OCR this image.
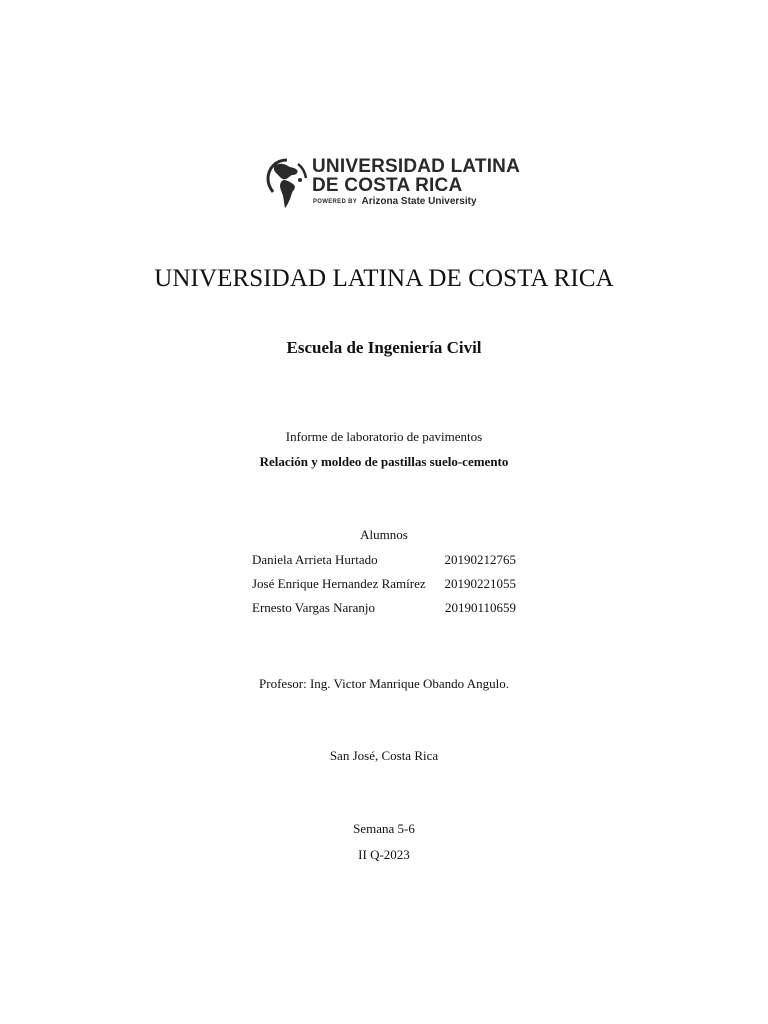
UNIVERSIDAD LATINA
DE COSTA RICA
POWERED BY Arizona State University
UNIVERSIDAD LATINA DE COSTA RICA
Escuela de Ingeniería Civil
Informe de laboratorio de pavimentos
Relación y moldeo de pastillas suelo-cemento
Alumnos
Daniela Arrieta Hurtado	20190212765
José Enrique Hernandez Ramírez 20190221055
Ernesto Vargas Naranjo	20190110659
Profesor: Ing. Victor Manrique Obando Angulo.
San José, Costa Rica
Semana 5-6
II Q-2023
